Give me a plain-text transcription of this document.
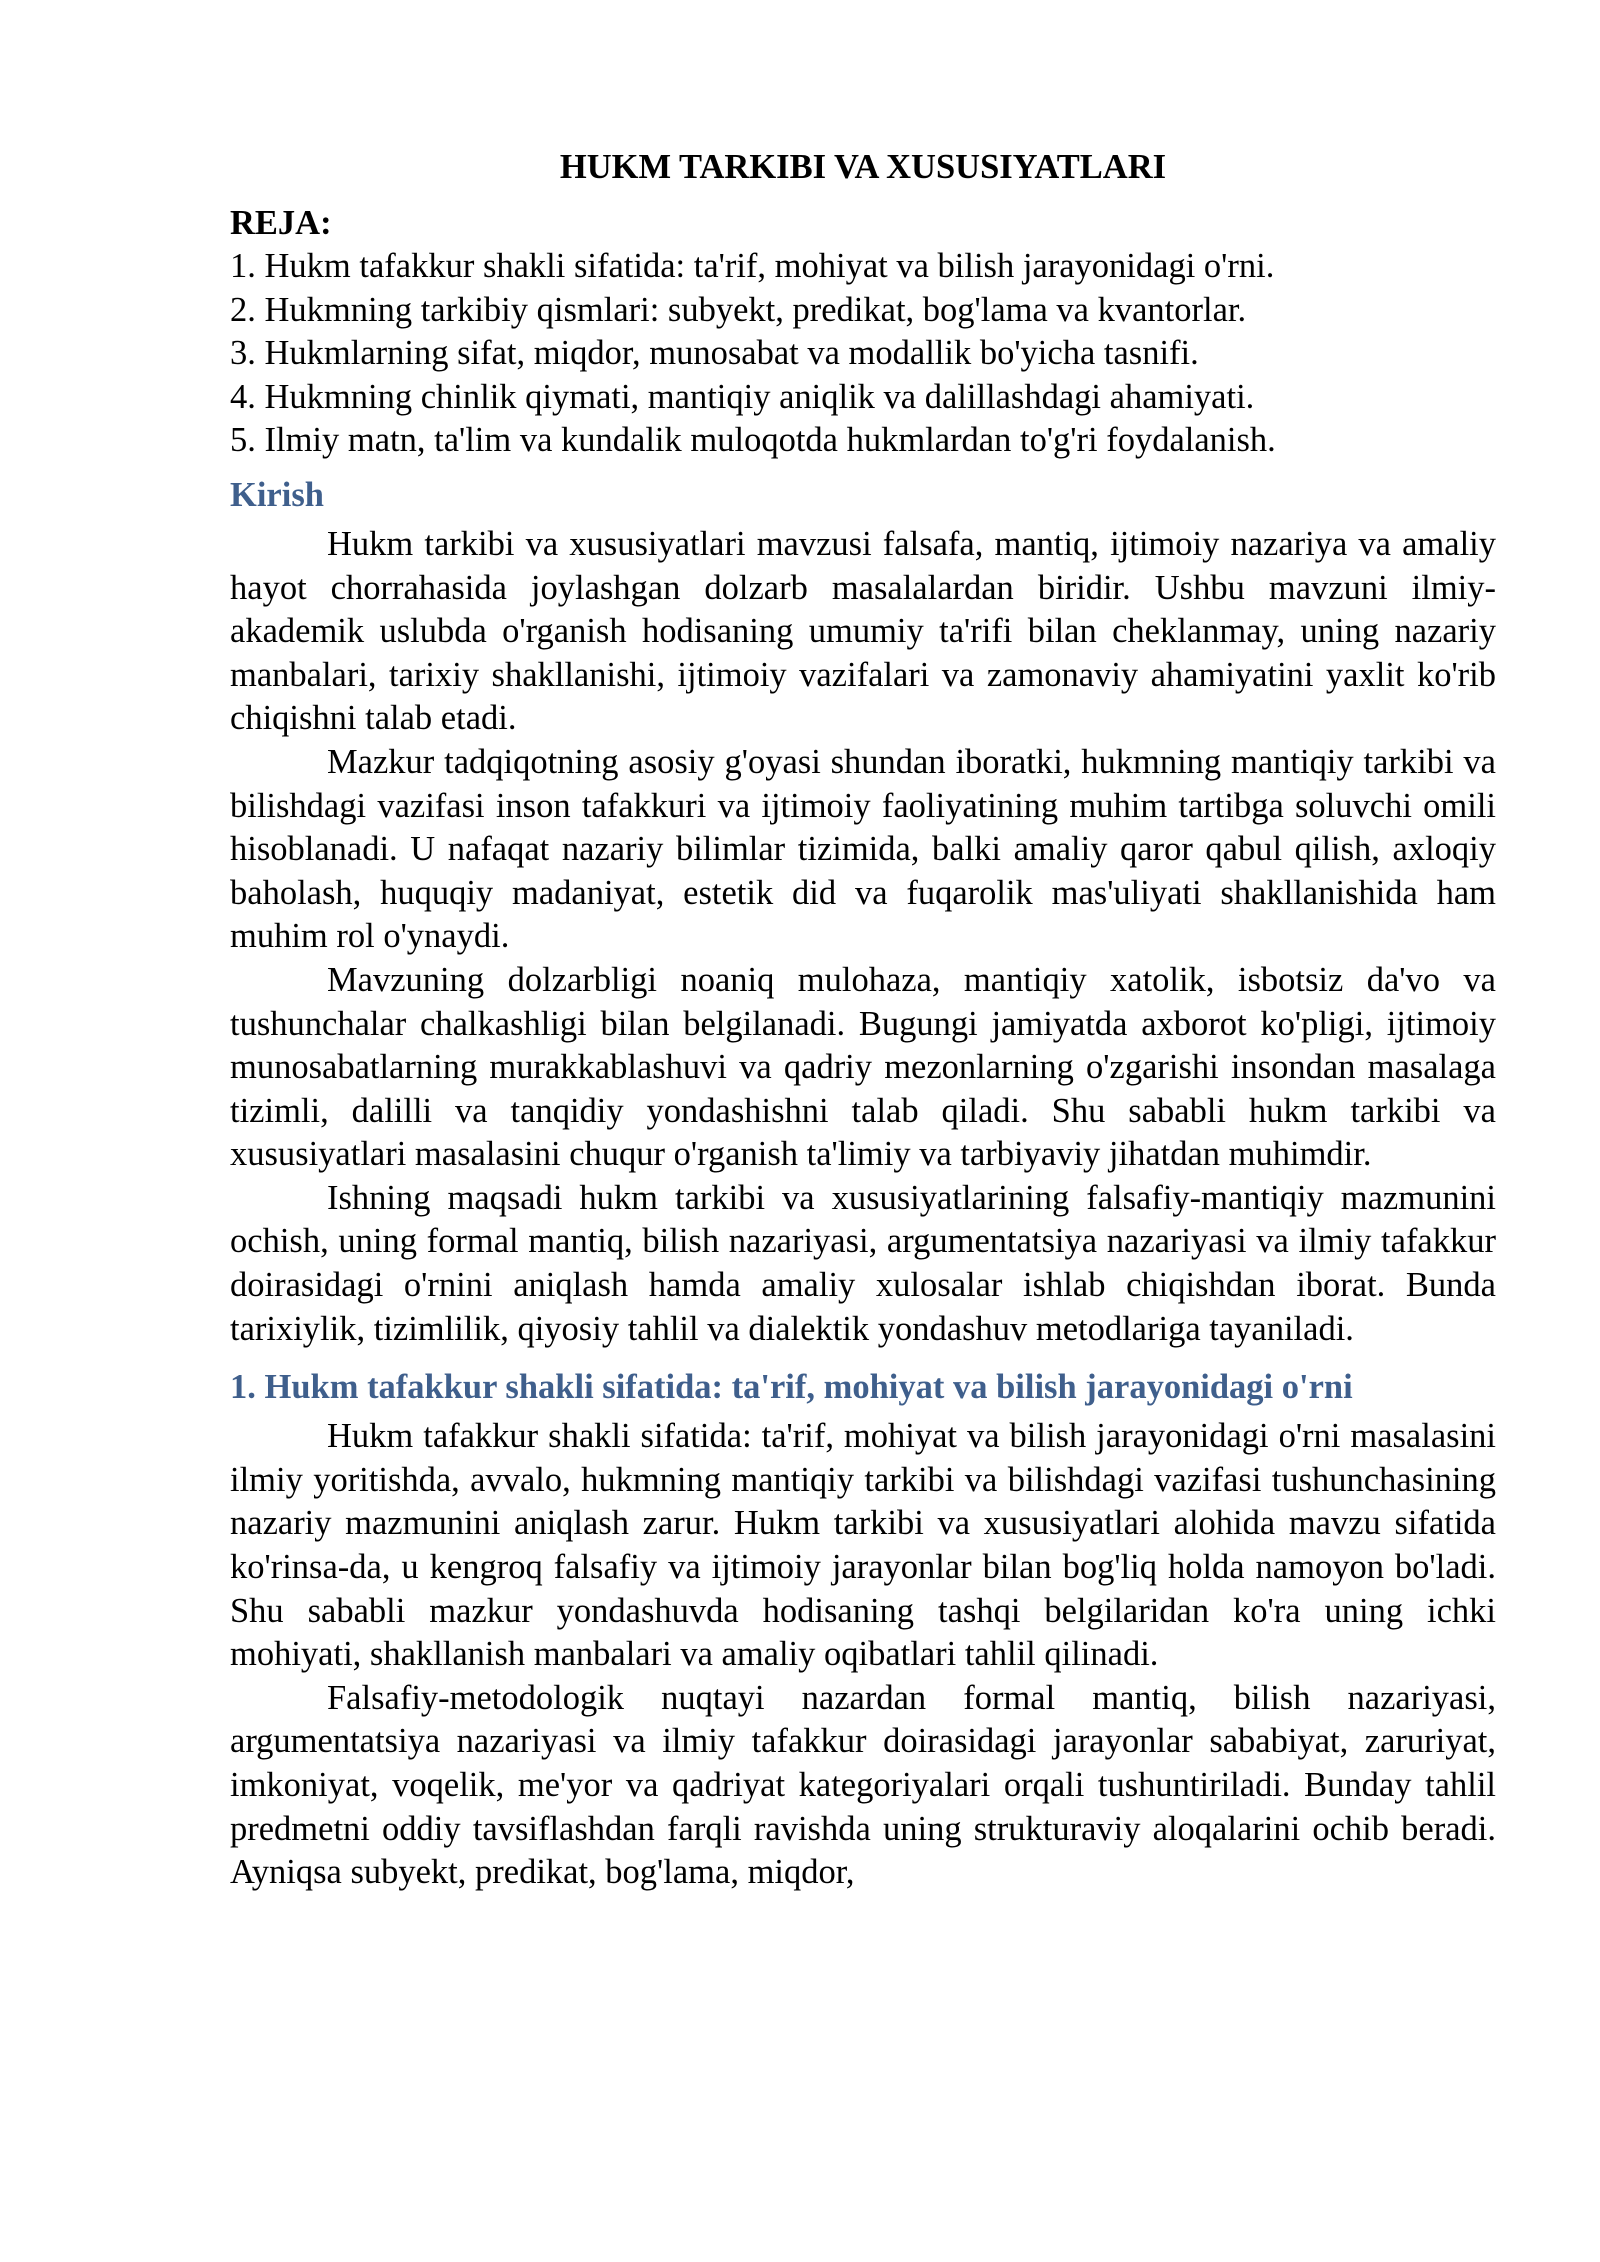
HUKM TARKIBI VA XUSUSIYATLARI
REJA:
1. Hukm tafakkur shakli sifatida: ta'rif, mohiyat va bilish jarayonidagi o'rni.
2. Hukmning tarkibiy qismlari: subyekt, predikat, bog'lama va kvantorlar.
3. Hukmlarning sifat, miqdor, munosabat va modallik bo'yicha tasnifi.
4. Hukmning chinlik qiymati, mantiqiy aniqlik va dalillashdagi ahamiyati.
5. Ilmiy matn, ta'lim va kundalik muloqotda hukmlardan to'g'ri foydalanish.
Kirish

Hukm tarkibi va xususiyatlari mavzusi falsafa, mantiq, ijtimoiy nazariya va amaliy hayot chorrahasida joylashgan dolzarb masalalardan biridir. Ushbu mavzuni ilmiy-akademik uslubda o'rganish hodisaning umumiy ta'rifi bilan cheklanmay, uning nazariy manbalari, tarixiy shakllanishi, ijtimoiy vazifalari va zamonaviy ahamiyatini yaxlit ko'rib chiqishni talab etadi.

Mazkur tadqiqotning asosiy g'oyasi shundan iboratki, hukmning mantiqiy tarkibi va bilishdagi vazifasi inson tafakkuri va ijtimoiy faoliyatining muhim tartibga soluvchi omili hisoblanadi. U nafaqat nazariy bilimlar tizimida, balki amaliy qaror qabul qilish, axloqiy baholash, huquqiy madaniyat, estetik did va fuqarolik mas'uliyati shakllanishida ham muhim rol o'ynaydi.

Mavzuning dolzarbligi noaniq mulohaza, mantiqiy xatolik, isbotsiz da'vo va tushunchalar chalkashligi bilan belgilanadi. Bugungi jamiyatda axborot ko'pligi, ijtimoiy munosabatlarning murakkablashuvi va qadriy mezonlarning o'zgarishi insondan masalaga tizimli, dalilli va tanqidiy yondashishni talab qiladi. Shu sababli hukm tarkibi va xususiyatlari masalasini chuqur o'rganish ta'limiy va tarbiyaviy jihatdan muhimdir.

Ishning maqsadi hukm tarkibi va xususiyatlarining falsafiy-mantiqiy mazmunini ochish, uning formal mantiq, bilish nazariyasi, argumentatsiya nazariyasi va ilmiy tafakkur doirasidagi o'rnini aniqlash hamda amaliy xulosalar ishlab chiqishdan iborat. Bunda tarixiylik, tizimlilik, qiyosiy tahlil va dialektik yondashuv metodlariga tayaniladi.

1. Hukm tafakkur shakli sifatida: ta'rif, mohiyat va bilish jarayonidagi o'rni

Hukm tafakkur shakli sifatida: ta'rif, mohiyat va bilish jarayonidagi o'rni masalasini ilmiy yoritishda, avvalo, hukmning mantiqiy tarkibi va bilishdagi vazifasi tushunchasining nazariy mazmunini aniqlash zarur. Hukm tarkibi va xususiyatlari alohida mavzu sifatida ko'rinsa-da, u kengroq falsafiy va ijtimoiy jarayonlar bilan bog'liq holda namoyon bo'ladi. Shu sababli mazkur yondashuvda hodisaning tashqi belgilaridan ko'ra uning ichki mohiyati, shakllanish manbalari va amaliy oqibatlari tahlil qilinadi.

Falsafiy-metodologik nuqtayi nazardan formal mantiq, bilish nazariyasi, argumentatsiya nazariyasi va ilmiy tafakkur doirasidagi jarayonlar sababiyat, zaruriyat, imkoniyat, voqelik, me'yor va qadriyat kategoriyalari orqali tushuntiriladi. Bunday tahlil predmetni oddiy tavsiflashdan farqli ravishda uning strukturaviy aloqalarini ochib beradi. Ayniqsa subyekt, predikat, bog'lama, miqdor,
